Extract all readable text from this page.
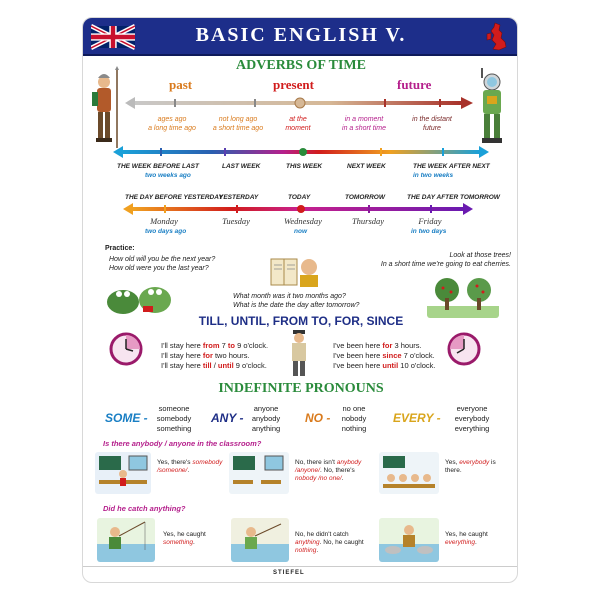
BASIC ENGLISH V.
ADVERBS OF TIME
past	present	future
ages ago
a long time ago
not long ago
a short time ago
at the
moment
in a moment
in a short time
in the distant
future
THE WEEK BEFORE LAST	LAST WEEK	THIS WEEK	NEXT WEEK	THE WEEK AFTER NEXT
two weeks ago	in two weeks
THE DAY BEFORE YESTERDAY
YESTERDAY	TODAY	TOMORROW	THE DAY AFTER TOMORROW
Monday	Tuesday	Wednesday	Thursday	Friday
two days ago	now	in two days
Practice:
How old will you be the next year?
How old were you the last year?
Look at those trees!
In a short time we're going to eat cherries.
What month was it two months ago?
What is the date the day after tomorrow?
TILL, UNTIL, FROM TO, FOR, SINCE
I'll stay here from 7 to 9 o'clock.
I'll stay here for two hours.
I'll stay here till / until 9 o'clock.
I've been here for 3 hours.
I've been here since 7 o'clock.
I've been here until 10 o'clock.
INDEFINITE PRONOUNS
SOME -
someone
somebody
something
ANY -
anyone
anybody
anything
NO -
no one
nobody
nothing
EVERY -
everyone
everybody
everything
Is there anybody / anyone in the classroom?
Yes, there's somebody /someone/.
No, there isn't anybody /anyone/. No, there's nobody /no one/.
Yes, everybody is there.
Did he catch anything?
Yes, he caught something.
No, he didn't catch anything. No, he caught nothing.
Yes, he caught everything.
STIEFEL
